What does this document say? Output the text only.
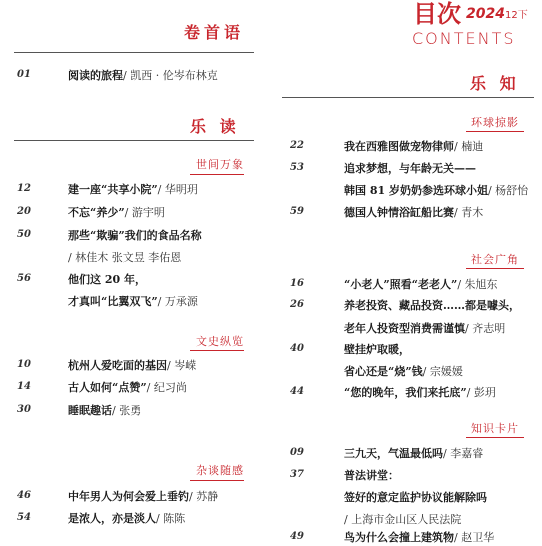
目次 2024 12下
CONTENTS
卷首语
01	阅读的旅程/ 凯西 · 伦岑布林克
乐 读
世间万象
12	建一座“共享小院”/ 华明玥
20	不忘“养少”/ 游宇明
50	那些“欺骗”我们的食品名称
/ 林佳木 张文昱 李佑恩
56	他们这 20 年，
才真叫“比翼双飞”/ 万承源
文史纵览
10	杭州人爱吃面的基因/ 岑嵘
14	古人如何“点赞”/ 纪习尚
30	睡眠趣话/ 张勇
杂谈随感
46	中年男人为何会爱上垂钓/ 苏静
54	是浓人，亦是淡人/ 陈陈
乐 知
环球掠影
22	我在西雅图做宠物律师/ 楠迪
53	追求梦想，与年龄无关——
韩国 81 岁奶奶参选环球小姐/ 杨舒怡
59	德国人钟情浴缸船比赛/ 青木
社会广角
16	“小老人”照看“老老人”/ 朱旭东
26	养老投资、藏品投资……都是噱头，
老年人投资型消费需谨慎/ 齐志明
40	壁挂炉取暖，
省心还是“烧”钱/ 宗媛媛
44	“您的晚年，我们来托底”/ 彭玥
知识卡片
09	三九天，气温最低吗/ 李嘉睿
37	普法讲堂：
签好的意定监护协议能解除吗
/ 上海市金山区人民法院
49	鸟为什么会撞上建筑物/ 赵卫华
